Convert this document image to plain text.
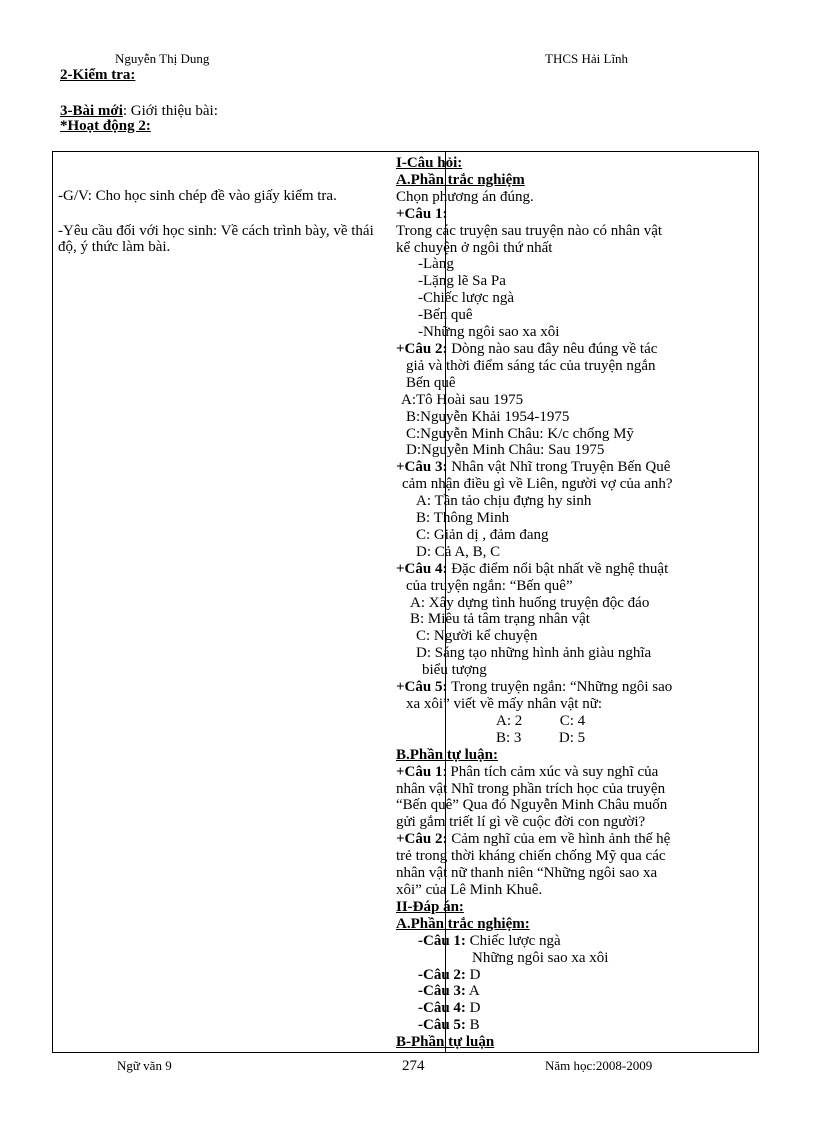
Nguyễn Thị Dung	THCS Hải Lĩnh
2-Kiểm tra:
3-Bài mới: Giới thiệu bài:
*Hoạt động 2:

-G/V: Cho học sinh chép đề vào giấy kiểm tra.

-Yêu cầu đối với học sinh: Về cách trình bày, về thái độ, ý thức làm bài.

I-Câu hỏi:
A.Phần trắc nghiệm
Chọn phương án đúng.
+Câu 1:
Trong các truyện sau truyện nào có nhân vật
kể chuyện ở ngôi thứ nhất
-Làng
-Lặng lẽ Sa Pa
-Chiếc lược ngà
-Bến quê
-Những ngôi sao xa xôi
+Câu 2: Dòng nào sau đây nêu đúng về tác
giả và thời điểm sáng tác của truyện ngắn
Bến quê
A:Tô Hoài sau 1975
B:Nguyễn Khải 1954-1975
C:Nguyễn Minh Châu: K/c chống Mỹ
D:Nguyễn Minh Châu: Sau 1975
+Câu 3: Nhân vật Nhĩ trong Truyện Bến Quê
cảm nhận điều gì về Liên, người vợ của anh?
A: Tần tảo chịu đựng hy sinh
B: Thông Minh
C: Giản dị , đảm đang
D: Cả A, B, C
+Câu 4: Đặc điểm nổi bật nhất về nghệ thuật
của truyện ngắn: “Bến quê”
A: Xây dựng tình huống truyện độc đáo
B: Miêu tả tâm trạng nhân vật
C: Người kể chuyện
D: Sáng tạo những hình ảnh giàu nghĩa
biểu tượng
+Câu 5: Trong truyện ngắn: “Những ngôi sao
xa xôi” viết về mấy nhân vật nữ:
A: 2          C: 4
B: 3          D: 5
B.Phần tự luận:
+Câu 1: Phân tích cảm xúc và suy nghĩ của
nhân vật Nhĩ trong phần trích học của truyện
“Bến quê” Qua đó Nguyễn Minh Châu muốn
gửi gắm triết lí gì về cuộc đời con người?
+Câu 2: Cảm nghĩ của em về hình ảnh thế hệ
trẻ trong thời kháng chiến chống Mỹ qua các
nhân vật nữ thanh niên “Những ngôi sao xa
xôi” của Lê Minh Khuê.
II-Đáp án:
A.Phần trắc nghiệm:
-Câu 1: Chiếc lược ngà
Những ngôi sao xa xôi
-Câu 2: D
-Câu 3: A
-Câu 4: D
-Câu 5: B
B-Phần tự luận
Ngữ văn 9	274	Năm học:2008-2009
